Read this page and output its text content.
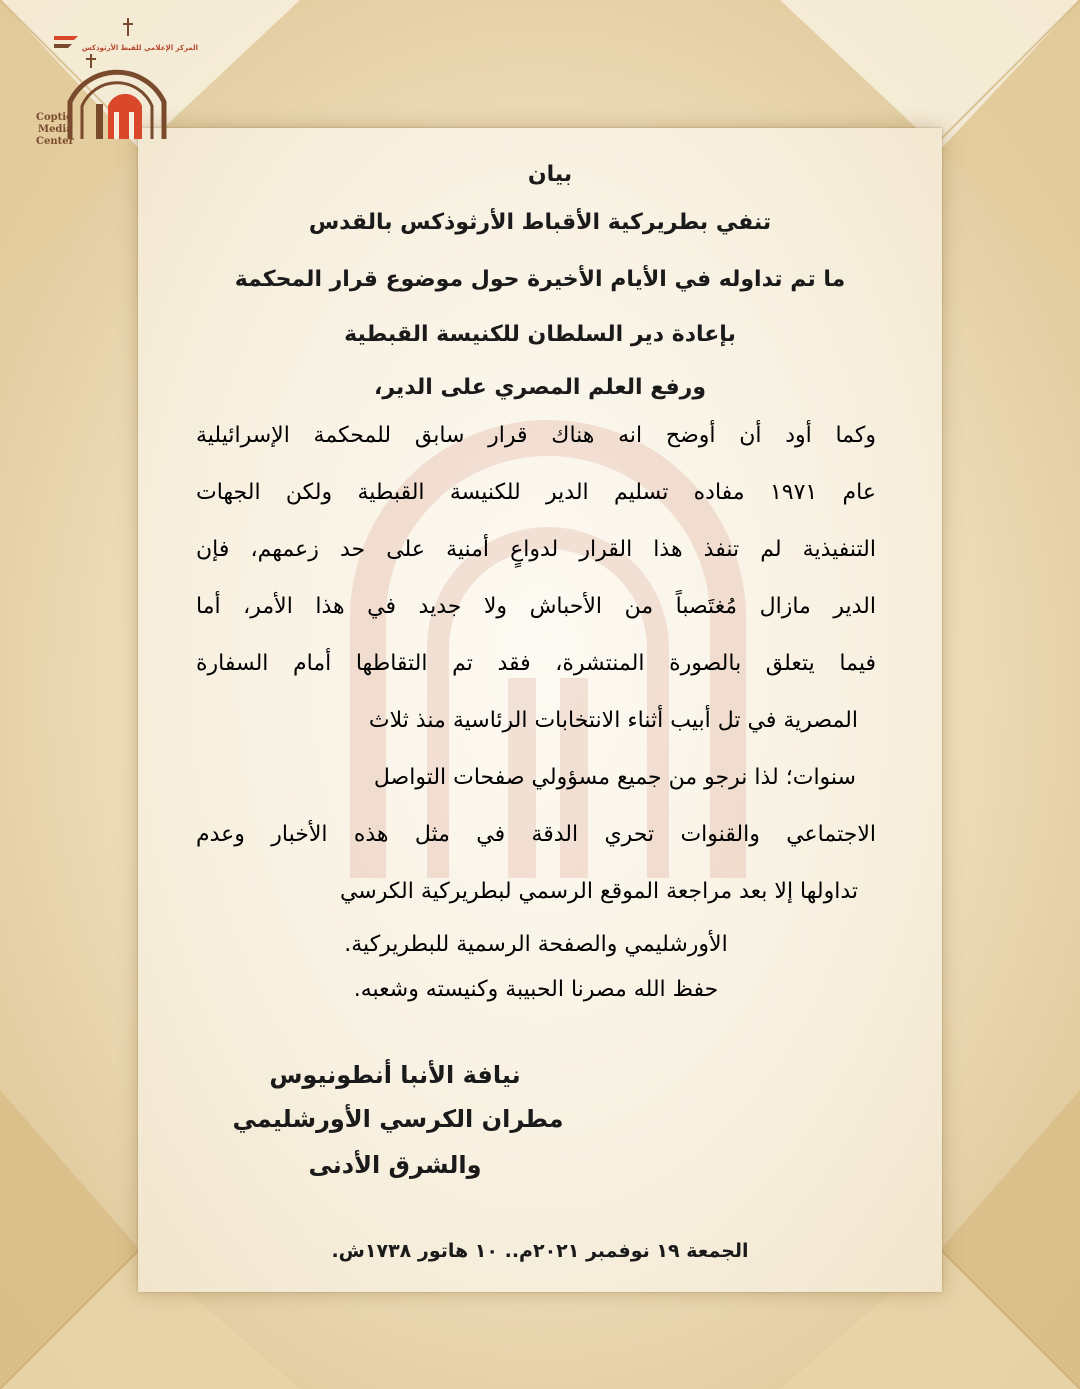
المركز الإعلامي للقبط الأرثوذكس
Coptic
Media
Center
بيان
تنفي بطريركية الأقباط الأرثوذكس بالقدس
ما تم تداوله في الأيام الأخيرة حول موضوع قرار المحكمة
بإعادة دير السلطان للكنيسة القبطية
ورفع العلم المصري على الدير،
وكما أود أن أوضح انه هناك قرار سابق للمحكمة الإسرائيلية
عام ١٩٧١ مفاده تسليم الدير للكنيسة القبطية ولكن الجهات
التنفيذية لم تنفذ هذا القرار لدواعٍ أمنية على حد زعمهم، فإن
الدير مازال مُغتَصباً من الأحباش ولا جديد في هذا الأمر، أما
فيما يتعلق بالصورة المنتشرة، فقد تم التقاطها أمام السفارة
المصرية في تل أبيب أثناء الانتخابات الرئاسية منذ ثلاث
سنوات؛ لذا نرجو من جميع مسؤولي صفحات التواصل
الاجتماعي والقنوات تحري الدقة في مثل هذه الأخبار وعدم
تداولها إلا بعد مراجعة الموقع الرسمي لبطريركية الكرسي
الأورشليمي والصفحة الرسمية للبطريركية.
حفظ الله مصرنا الحبيبة وكنيسته وشعبه.
نيافة الأنبا أنطونيوس
مطران الكرسي الأورشليمي
والشرق الأدنى
الجمعة ١٩ نوفمبر ٢٠٢١م.. ١٠ هاتور ١٧٣٨ش.
